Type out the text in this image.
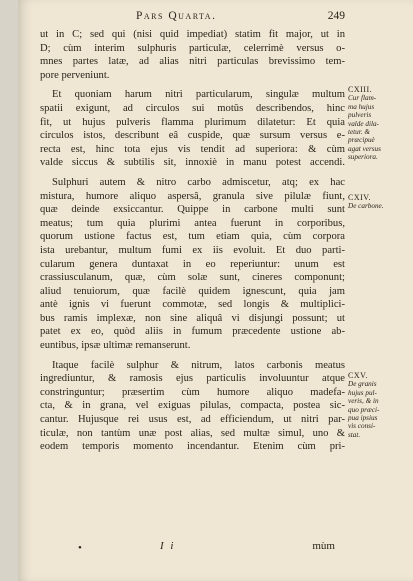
Pars Quarta.	249
ut in C; sed qui (nisi quid impediat) statim fit major, ut in
D; cùm interim sulphuris particulæ, celerrimè versus o-
mnes partes latæ, ad alias nitri particulas brevissimo tem-
pore perveniunt.
Et quoniam harum nitri particularum, singulæ multum
spatii exigunt, ad circulos sui motûs describendos, hinc
fit, ut hujus pulveris flamma plurimum dilatetur: Et quia
circulos istos, describunt eâ cuspide, quæ sursum versus e-
recta est, hinc tota ejus vis tendit ad superiora: & cùm
valde siccus & subtilis sit, innoxiè in manu potest accendi.
Sulphuri autem & nitro carbo admiscetur, atq; ex hac
mistura, humore aliquo aspersâ, granula sive pilulæ fiunt,
quæ deinde exsiccantur. Quippe in carbone multi sunt
meatus; tum quia plurimi antea fuerunt in corporibus,
quorum ustione factus est, tum etiam quia, cùm corpora
ista urebantur, multum fumi ex iis evoluit. Et duo parti-
cularum genera duntaxat in eo reperiuntur: unum est
crassiusculanum, quæ, cùm solæ sunt, cineres componunt;
aliud tenuiorum, quæ facilè quidem ignescunt, quia jam
antè ignis vi fuerunt commotæ, sed longis & multiplici-
bus ramis implexæ, non sine aliquâ vi disjungi possunt; ut
patet ex eo, quòd aliis in fumum præcedente ustione ab-
euntibus, ipsæ ultimæ remanserunt.
Itaque facilè sulphur & nitrum, latos carbonis meatus
ingrediuntur, & ramosis ejus particulis involuuntur atque
constringuntur; præsertim cùm humore aliquo madefa-
cta, & in grana, vel exiguas pilulas, compacta, postea sic-
cantur. Hujusque rei usus est, ad efficiendum, ut nitri par-
ticulæ, non tantùm unæ post alias, sed multæ simul, uno &
eodem temporis momento incendantur. Etenim cùm pri-
•	I i	mùm
CXIII.
Cur flam-
ma hujus
pulveris
valde dila-
tetur. &
præcipuè
agat versus
superiora.
CXIV.
De carbone.
CXV.
De granis
hujus pul-
veris, & in
quo præci-
pua ipsius
vis consi-
stat.
